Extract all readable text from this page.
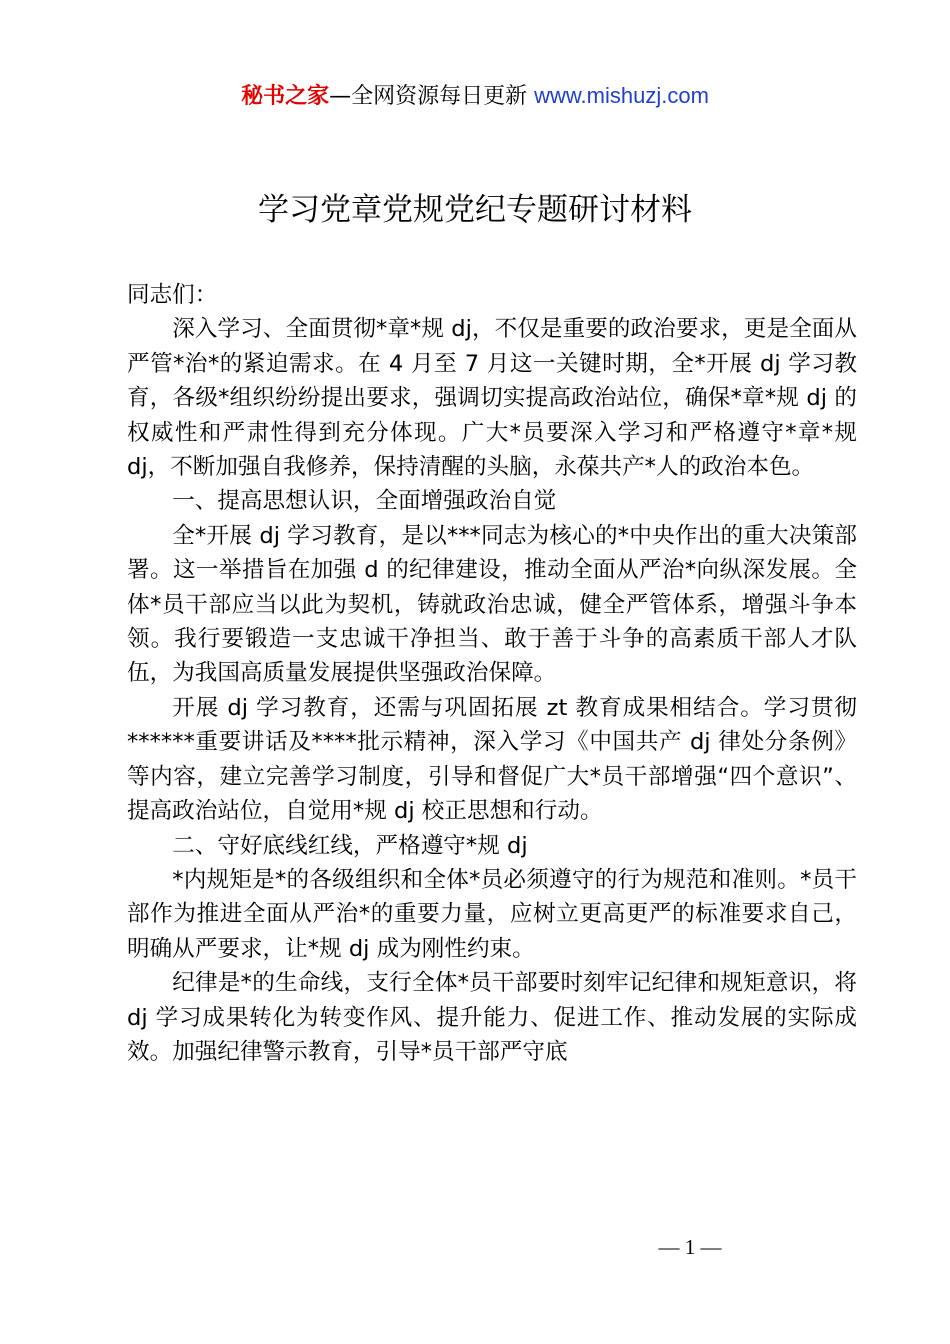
秘书之家—全网资源每日更新 www.mishuzj.com
学习党章党规党纪专题研讨材料

同志们：

深入学习、全面贯彻*章*规 dj，不仅是重要的政治要求，更是全面从严管*治*的紧迫需求。在 4 月至 7 月这一关键时期，全*开展 dj 学习教育，各级*组织纷纷提出要求，强调切实提高政治站位，确保*章*规 dj 的权威性和严肃性得到充分体现。广大*员要深入学习和严格遵守*章*规 dj，不断加强自我修养，保持清醒的头脑，永葆共产*人的政治本色。

一、提高思想认识，全面增强政治自觉

全*开展 dj 学习教育，是以***同志为核心的*中央作出的重大决策部署。这一举措旨在加强 d 的纪律建设，推动全面从严治*向纵深发展。全体*员干部应当以此为契机，铸就政治忠诚，健全严管体系，增强斗争本领。我行要锻造一支忠诚干净担当、敢于善于斗争的高素质干部人才队伍，为我国高质量发展提供坚强政治保障。

开展 dj 学习教育，还需与巩固拓展 zt 教育成果相结合。学习贯彻******重要讲话及****批示精神，深入学习《中国共产 dj 律处分条例》等内容，建立完善学习制度，引导和督促广大*员干部增强“四个意识”、提高政治站位，自觉用*规 dj 校正思想和行动。

二、守好底线红线，严格遵守*规 dj

*内规矩是*的各级组织和全体*员必须遵守的行为规范和准则。*员干部作为推进全面从严治*的重要力量，应树立更高更严的标准要求自己，明确从严要求，让*规 dj 成为刚性约束。

纪律是*的生命线，支行全体*员干部要时刻牢记纪律和规矩意识，将 dj 学习成果转化为转变作风、提升能力、促进工作、推动发展的实际成效。加强纪律警示教育，引导*员干部严守底

— 1 —
